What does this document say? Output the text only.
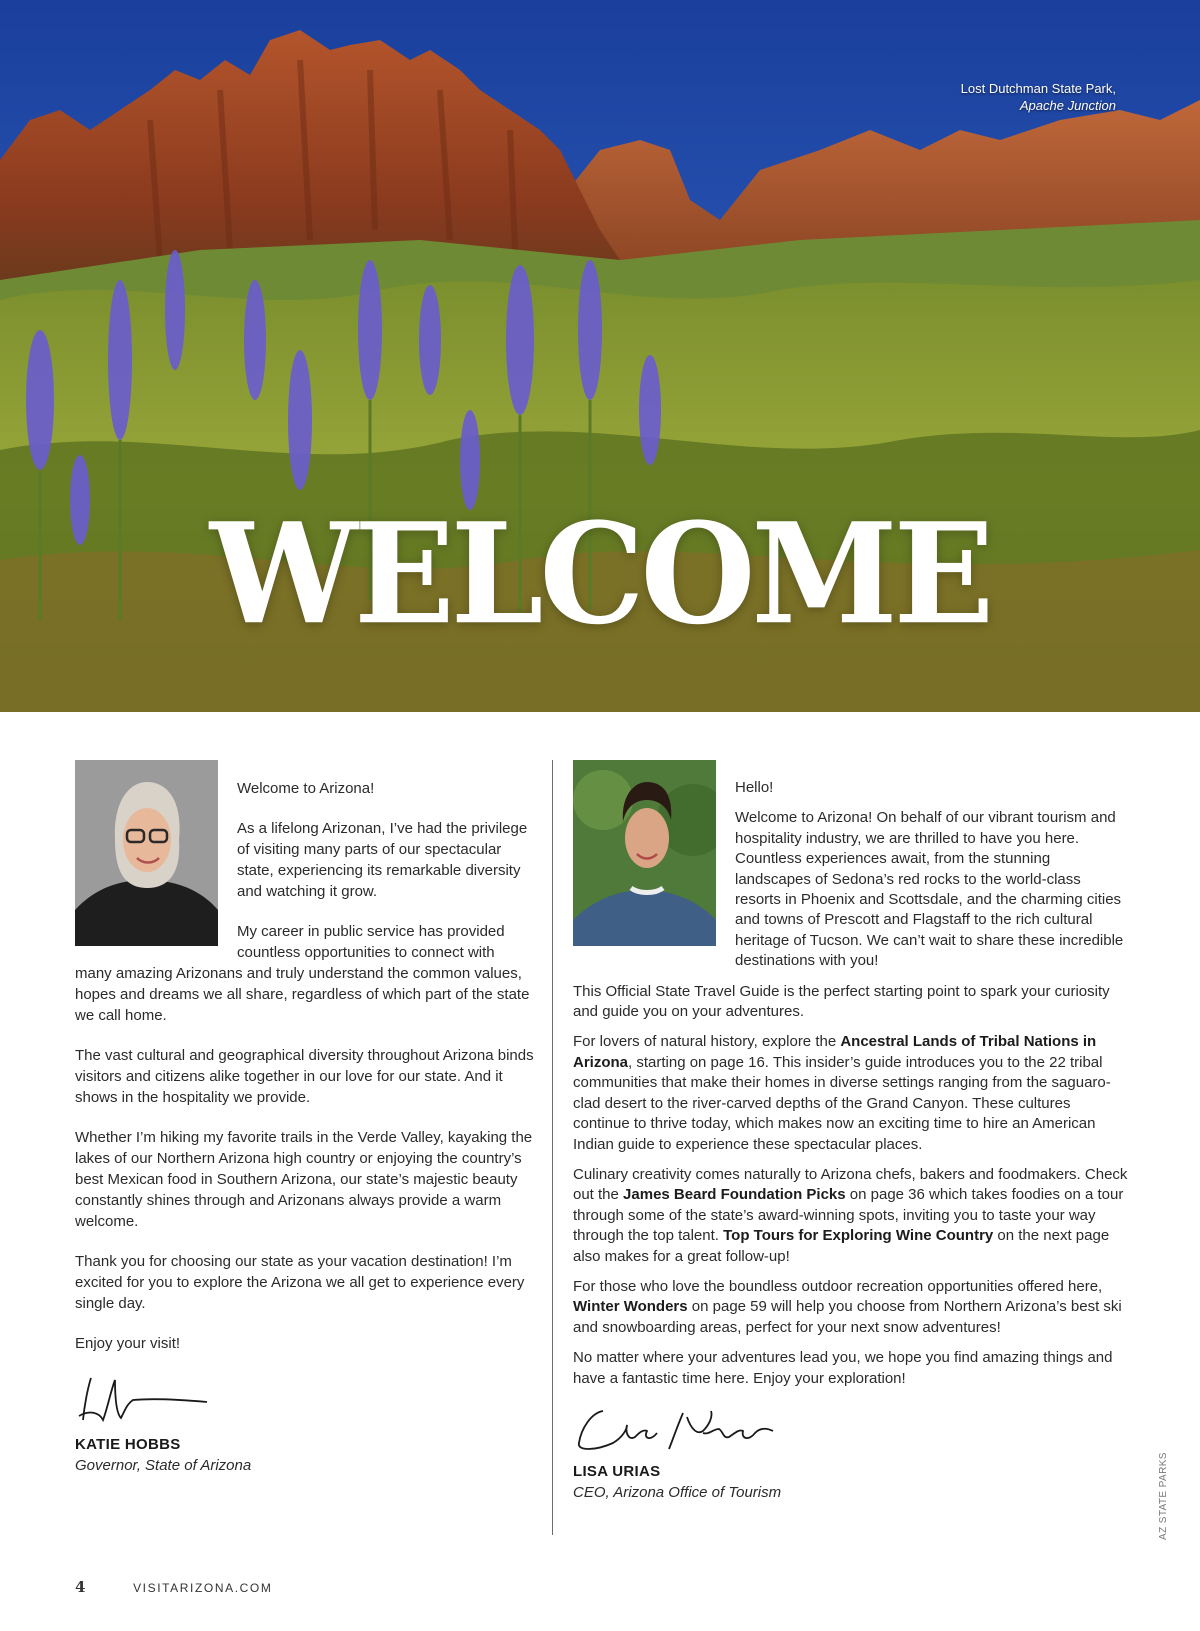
Lost Dutchman State Park,
Apache Junction
WELCOME

Welcome to Arizona!

As a lifelong Arizonan, I’ve had the privilege of visiting many parts of our spectacular state, experiencing its remarkable diversity and watching it grow.

My career in public service has provided countless opportunities to connect with many amazing Arizonans and truly understand the common values, hopes and dreams we all share, regardless of which part of the state we call home.

The vast cultural and geographical diversity throughout Arizona binds visitors and citizens alike together in our love for our state. And it shows in the hospitality we provide.

Whether I’m hiking my favorite trails in the Verde Valley, kayaking the lakes of our Northern Arizona high country or enjoying the country’s best Mexican food in Southern Arizona, our state’s majestic beauty constantly shines through and Arizonans always provide a warm welcome.

Thank you for choosing our state as your vacation destination! I’m excited for you to explore the Arizona we all get to experience every single day.

Enjoy your visit!

KATIE HOBBS
Governor, State of Arizona

Hello!

Welcome to Arizona! On behalf of our vibrant tourism and hospitality industry, we are thrilled to have you here. Countless experiences await, from the stunning landscapes of Sedona’s red rocks to the world-class resorts in Phoenix and Scottsdale, and the charming cities and towns of Prescott and Flagstaff to the rich cultural heritage of Tucson. We can’t wait to share these incredible destinations with you!

This Official State Travel Guide is the perfect starting point to spark your curiosity and guide you on your adventures.

For lovers of natural history, explore the Ancestral Lands of Tribal Nations in Arizona, starting on page 16. This insider’s guide introduces you to the 22 tribal communities that make their homes in diverse settings ranging from the saguaro-clad desert to the river-carved depths of the Grand Canyon. These cultures continue to thrive today, which makes now an exciting time to hire an American Indian guide to experience these spectacular places.

Culinary creativity comes naturally to Arizona chefs, bakers and foodmakers. Check out the James Beard Foundation Picks on page 36 which takes foodies on a tour through some of the state’s award-winning spots, inviting you to taste your way through the top talent. Top Tours for Exploring Wine Country on the next page also makes for a great follow-up!

For those who love the boundless outdoor recreation opportunities offered here, Winter Wonders on page 59 will help you choose from Northern Arizona’s best ski and snowboarding areas, perfect for your next snow adventures!

No matter where your adventures lead you, we hope you find amazing things and have a fantastic time here. Enjoy your exploration!

LISA URIAS
CEO, Arizona Office of Tourism	AZ STATE PARKS
4	VISITARIZONA.COM
